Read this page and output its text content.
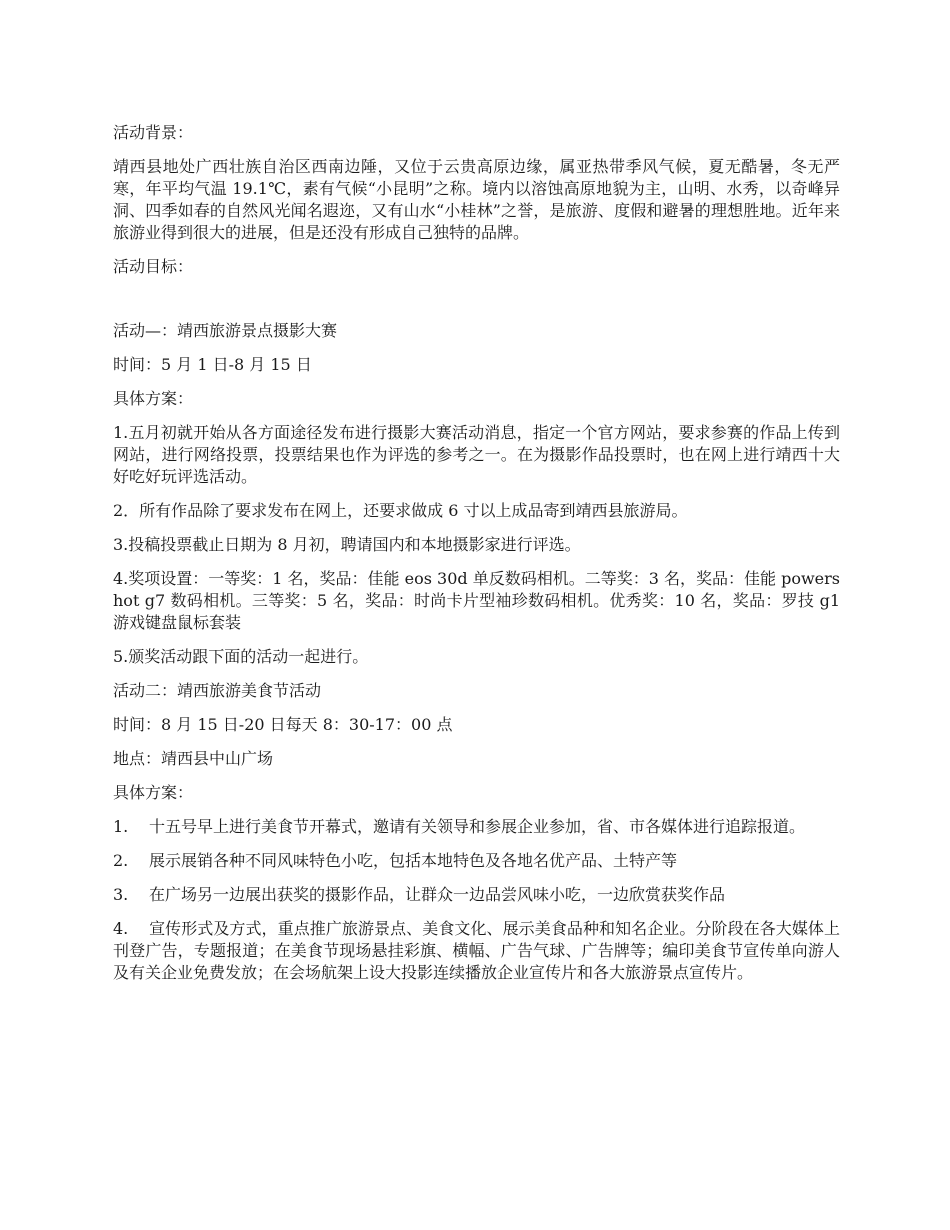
活动背景：

靖西县地处广西壮族自治区西南边陲，又位于云贵高原边缘，属亚热带季风气候，夏无酷暑，冬无严寒，年平均气温 19.1℃，素有气候“小昆明”之称。境内以溶蚀高原地貌为主，山明、水秀，以奇峰异洞、四季如春的自然风光闻名遐迩，又有山水“小桂林”之誉，是旅游、度假和避暑的理想胜地。近年来旅游业得到很大的进展，但是还没有形成自己独特的品牌。

活动目标：

活动—：靖西旅游景点摄影大赛

时间：5 月 1 日-8 月 15 日

具体方案：

1.五月初就开始从各方面途径发布进行摄影大赛活动消息，指定一个官方网站，要求参赛的作品上传到网站，进行网络投票，投票结果也作为评选的参考之一。在为摄影作品投票时，也在网上进行靖西十大好吃好玩评选活动。

2．所有作品除了要求发布在网上，还要求做成 6 寸以上成品寄到靖西县旅游局。

3.投稿投票截止日期为 8 月初，聘请国内和本地摄影家进行评选。

4.奖项设置：一等奖：1 名，奖品：佳能 eos 30d 单反数码相机。二等奖：3 名，奖品：佳能 powershot g7 数码相机。三等奖：5 名，奖品：时尚卡片型袖珍数码相机。优秀奖：10 名，奖品：罗技 g1 游戏键盘鼠标套装

5.颁奖活动跟下面的活动一起进行。

活动二：靖西旅游美食节活动

时间：8 月 15 日-20 日每天 8：30-17：00 点

地点：靖西县中山广场

具体方案：

1. 十五号早上进行美食节开幕式，邀请有关领导和参展企业参加，省、市各媒体进行追踪报道。

2. 展示展销各种不同风味特色小吃，包括本地特色及各地名优产品、土特产等

3. 在广场另一边展出获奖的摄影作品，让群众一边品尝风味小吃，一边欣赏获奖作品

4. 宣传形式及方式，重点推广旅游景点、美食文化、展示美食品种和知名企业。分阶段在各大媒体上刊登广告，专题报道；在美食节现场悬挂彩旗、横幅、广告气球、广告牌等；编印美食节宣传单向游人及有关企业免费发放；在会场航架上设大投影连续播放企业宣传片和各大旅游景点宣传片。
